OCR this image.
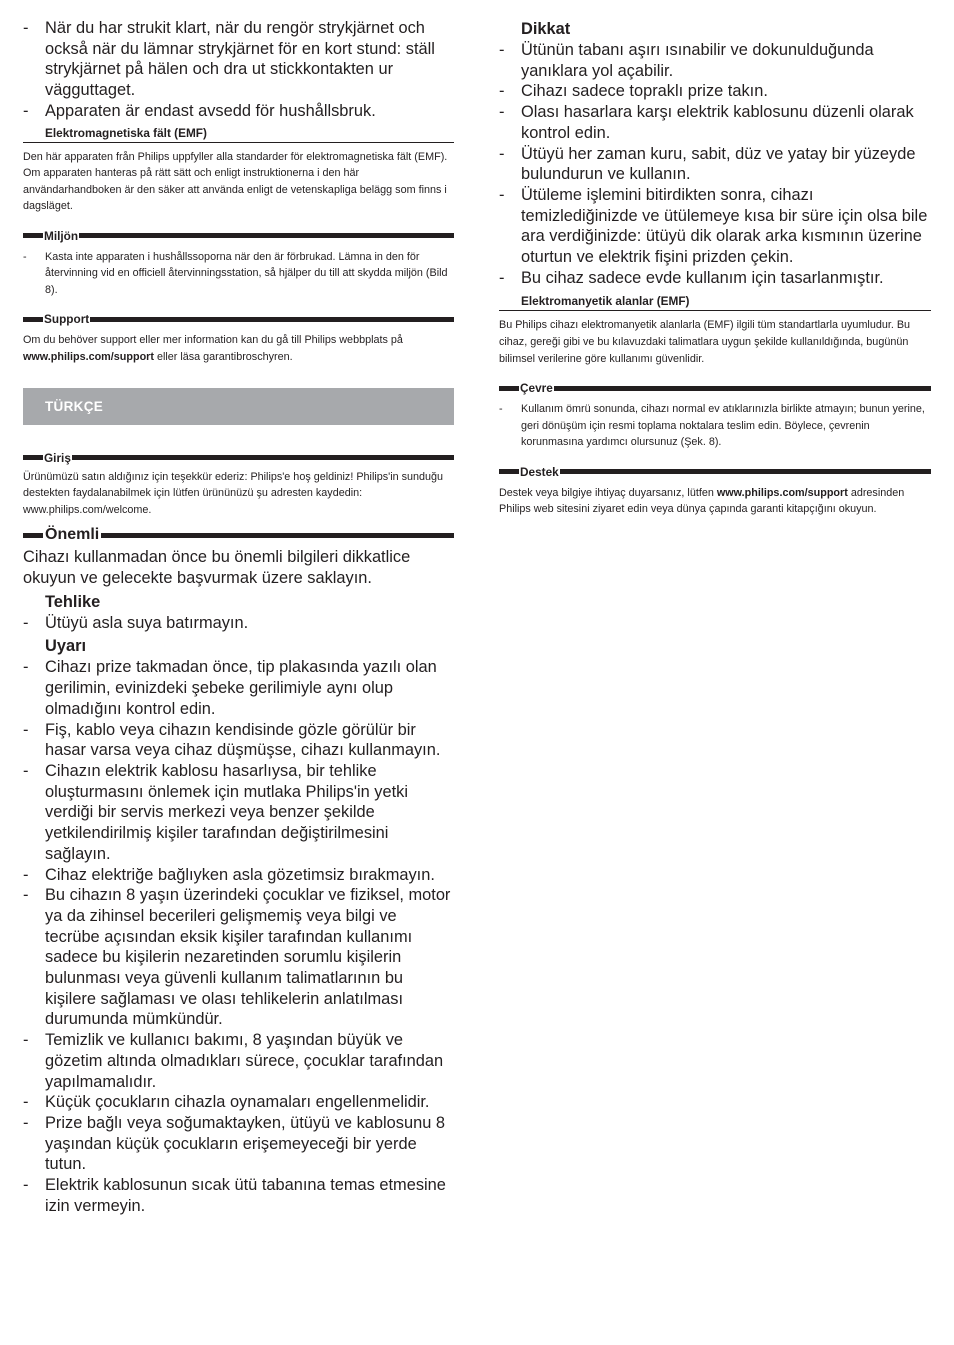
- När du har strukit klart, när du rengör strykjärnet och också när du lämnar strykjärnet för en kort stund: ställ strykjärnet på hälen och dra ut stickkontakten ur vägguttaget.
- Apparaten är endast avsedd för hushållsbruk.
Elektromagnetiska fält (EMF)
Den här apparaten från Philips uppfyller alla standarder för elektromagnetiska fält (EMF). Om apparaten hanteras på rätt sätt och enligt instruktionerna i den här användarhandboken är den säker att använda enligt de vetenskapliga belägg som finns i dagsläget.
Miljön
- Kasta inte apparaten i hushållssoporna när den är förbrukad. Lämna in den för återvinning vid en officiell återvinningsstation, så hjälper du till att skydda miljön (Bild 8).
Support
Om du behöver support eller mer information kan du gå till Philips webbplats på www.philips.com/support eller läsa garantibroschyren.
TÜRKÇE
Giriş
Ürünümüzü satın aldığınız için teşekkür ederiz: Philips'e hoş geldiniz! Philips'in sunduğu destekten faydalanabilmek için lütfen ürününüzü şu adresten kaydedin: www.philips.com/welcome.
Önemli
Cihazı kullanmadan önce bu önemli bilgileri dikkatlice okuyun ve gelecekte başvurmak üzere saklayın.
Tehlike
- Ütüyü asla suya batırmayın.
Uyarı
- Cihazı prize takmadan önce, tip plakasında yazılı olan gerilimin, evinizdeki şebeke gerilimiyle aynı olup olmadığını kontrol edin.
- Fiş, kablo veya cihazın kendisinde gözle görülür bir hasar varsa veya cihaz düşmüşse, cihazı kullanmayın.
- Cihazın elektrik kablosu hasarlıysa, bir tehlike oluşturmasını önlemek için mutlaka Philips'in yetki verdiği bir servis merkezi veya benzer şekilde yetkilendirilmiş kişiler tarafından değiştirilmesini sağlayın.
- Cihaz elektriğe bağlıyken asla gözetimsiz bırakmayın.
- Bu cihazın 8 yaşın üzerindeki çocuklar ve fiziksel, motor ya da zihinsel becerileri gelişmemiş veya bilgi ve tecrübe açısından eksik kişiler tarafından kullanımı sadece bu kişilerin nezaretinden sorumlu kişilerin bulunması veya güvenli kullanım talimatlarının bu kişilere sağlaması ve olası tehlikelerin anlatılması durumunda mümkündür.
- Temizlik ve kullanıcı bakımı, 8 yaşından büyük ve gözetim altında olmadıkları sürece, çocuklar tarafından yapılmamalıdır.
- Küçük çocukların cihazla oynamaları engellenmelidir.
- Prize bağlı veya soğumaktayken, ütüyü ve kablosunu 8 yaşından küçük çocukların erişemeyeceği bir yerde tutun.
- Elektrik kablosunun sıcak ütü tabanına temas etmesine izin vermeyin.
Dikkat
- Ütünün tabanı aşırı ısınabilir ve dokunulduğunda yanıklara yol açabilir.
- Cihazı sadece topraklı prize takın.
- Olası hasarlara karşı elektrik kablosunu düzenli olarak kontrol edin.
- Ütüyü her zaman kuru, sabit, düz ve yatay bir yüzeyde bulundurun ve kullanın.
- Ütüleme işlemini bitirdikten sonra, cihazı temizlediğinizde ve ütülemeye kısa bir süre için olsa bile ara verdiğinizde: ütüyü dik olarak arka kısmının üzerine oturtun ve elektrik fişini prizden çekin.
- Bu cihaz sadece evde kullanım için tasarlanmıştır.
Elektromanyetik alanlar (EMF)
Bu Philips cihazı elektromanyetik alanlarla (EMF) ilgili tüm standartlarla uyumludur. Bu cihaz, gereği gibi ve bu kılavuzdaki talimatlara uygun şekilde kullanıldığında, bugünün bilimsel verilerine göre kullanımı güvenlidir.
Çevre
- Kullanım ömrü sonunda, cihazı normal ev atıklarınızla birlikte atmayın; bunun yerine, geri dönüşüm için resmi toplama noktalara teslim edin. Böylece, çevrenin korunmasına yardımcı olursunuz (Şek. 8).
Destek
Destek veya bilgiye ihtiyaç duyarsanız, lütfen www.philips.com/support adresinden Philips web sitesini ziyaret edin veya dünya çapında garanti kitapçığını okuyun.
